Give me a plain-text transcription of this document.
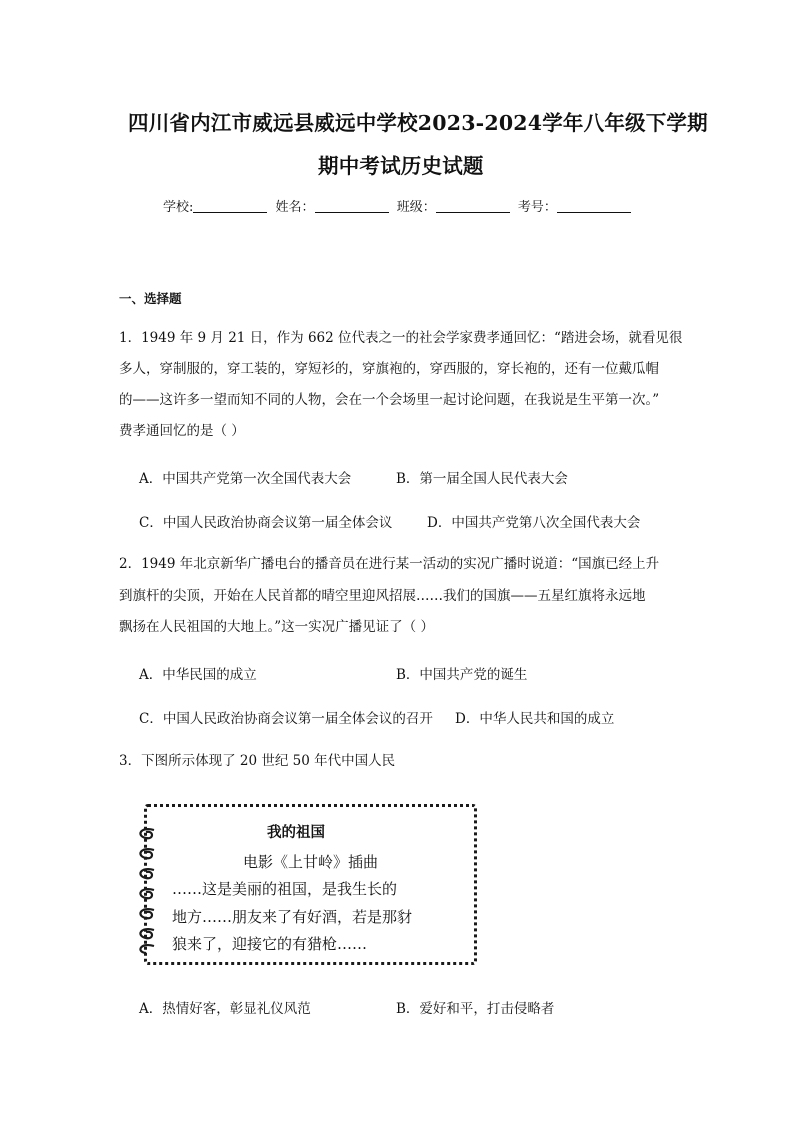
四川省内江市威远县威远中学校2023-2024学年八年级下学期
期中考试历史试题
学校:	姓名：	班级：	考号：
一、选择题
1．1949 年 9 月 21 日，作为 662 位代表之一的社会学家费孝通回忆：“踏进会场，就看见很
多人，穿制服的，穿工装的，穿短衫的，穿旗袍的，穿西服的，穿长袍的，还有一位戴瓜帽
的——这许多一望而知不同的人物，会在一个会场里一起讨论问题，在我说是生平第一次。”
费孝通回忆的是（ ）
A．中国共产党第一次全国代表大会	B．第一届全国人民代表大会
C．中国人民政治协商会议第一届全体会议	D．中国共产党第八次全国代表大会
2．1949 年北京新华广播电台的播音员在进行某一活动的实况广播时说道：“国旗已经上升
到旗杆的尖顶，开始在人民首都的晴空里迎风招展……我们的国旗——五星红旗将永远地
飘扬在人民祖国的大地上。”这一实况广播见证了（ ）
A．中华民国的成立	B．中国共产党的诞生
C．中国人民政治协商会议第一届全体会议的召开 D．中华人民共和国的成立
3．下图所示体现了 20 世纪 50 年代中国人民
我的祖国
电影《上甘岭》插曲
……这是美丽的祖国，是我生长的
地方……朋友来了有好酒，若是那豺
狼来了，迎接它的有猎枪……
A．热情好客，彰显礼仪风范	B．爱好和平，打击侵略者
